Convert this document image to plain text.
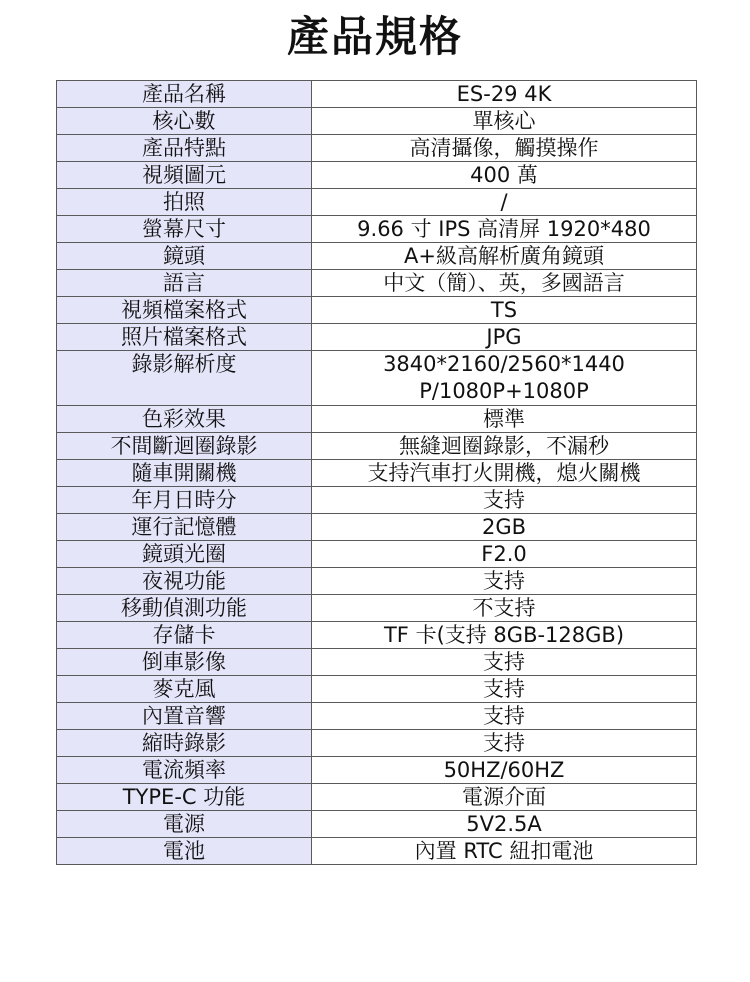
產品規格
產品名稱	ES-29 4K
核心數	單核心
產品特點	高清攝像，觸摸操作
視頻圖元	400 萬
拍照	/
螢幕尺寸	9.66 寸 IPS 高清屏 1920*480
鏡頭	A+級高解析廣角鏡頭
語言	中文（簡）、英，多國語言
視頻檔案格式	TS
照片檔案格式	JPG
錄影解析度	3840*2160/2560*1440
P/1080P+1080P

色彩效果	標準
不間斷迴圈錄影	無縫迴圈錄影，不漏秒
隨車開關機	支持汽車打火開機，熄火關機
年月日時分	支持
運行記憶體	2GB
鏡頭光圈	F2.0
夜視功能	支持
移動偵測功能	不支持
存儲卡	TF 卡(支持 8GB-128GB)
倒車影像	支持
麥克風	支持
內置音響	支持
縮時錄影	支持
電流頻率	50HZ/60HZ
TYPE-C 功能	電源介面
電源	5V2.5A
電池	內置 RTC 紐扣電池
